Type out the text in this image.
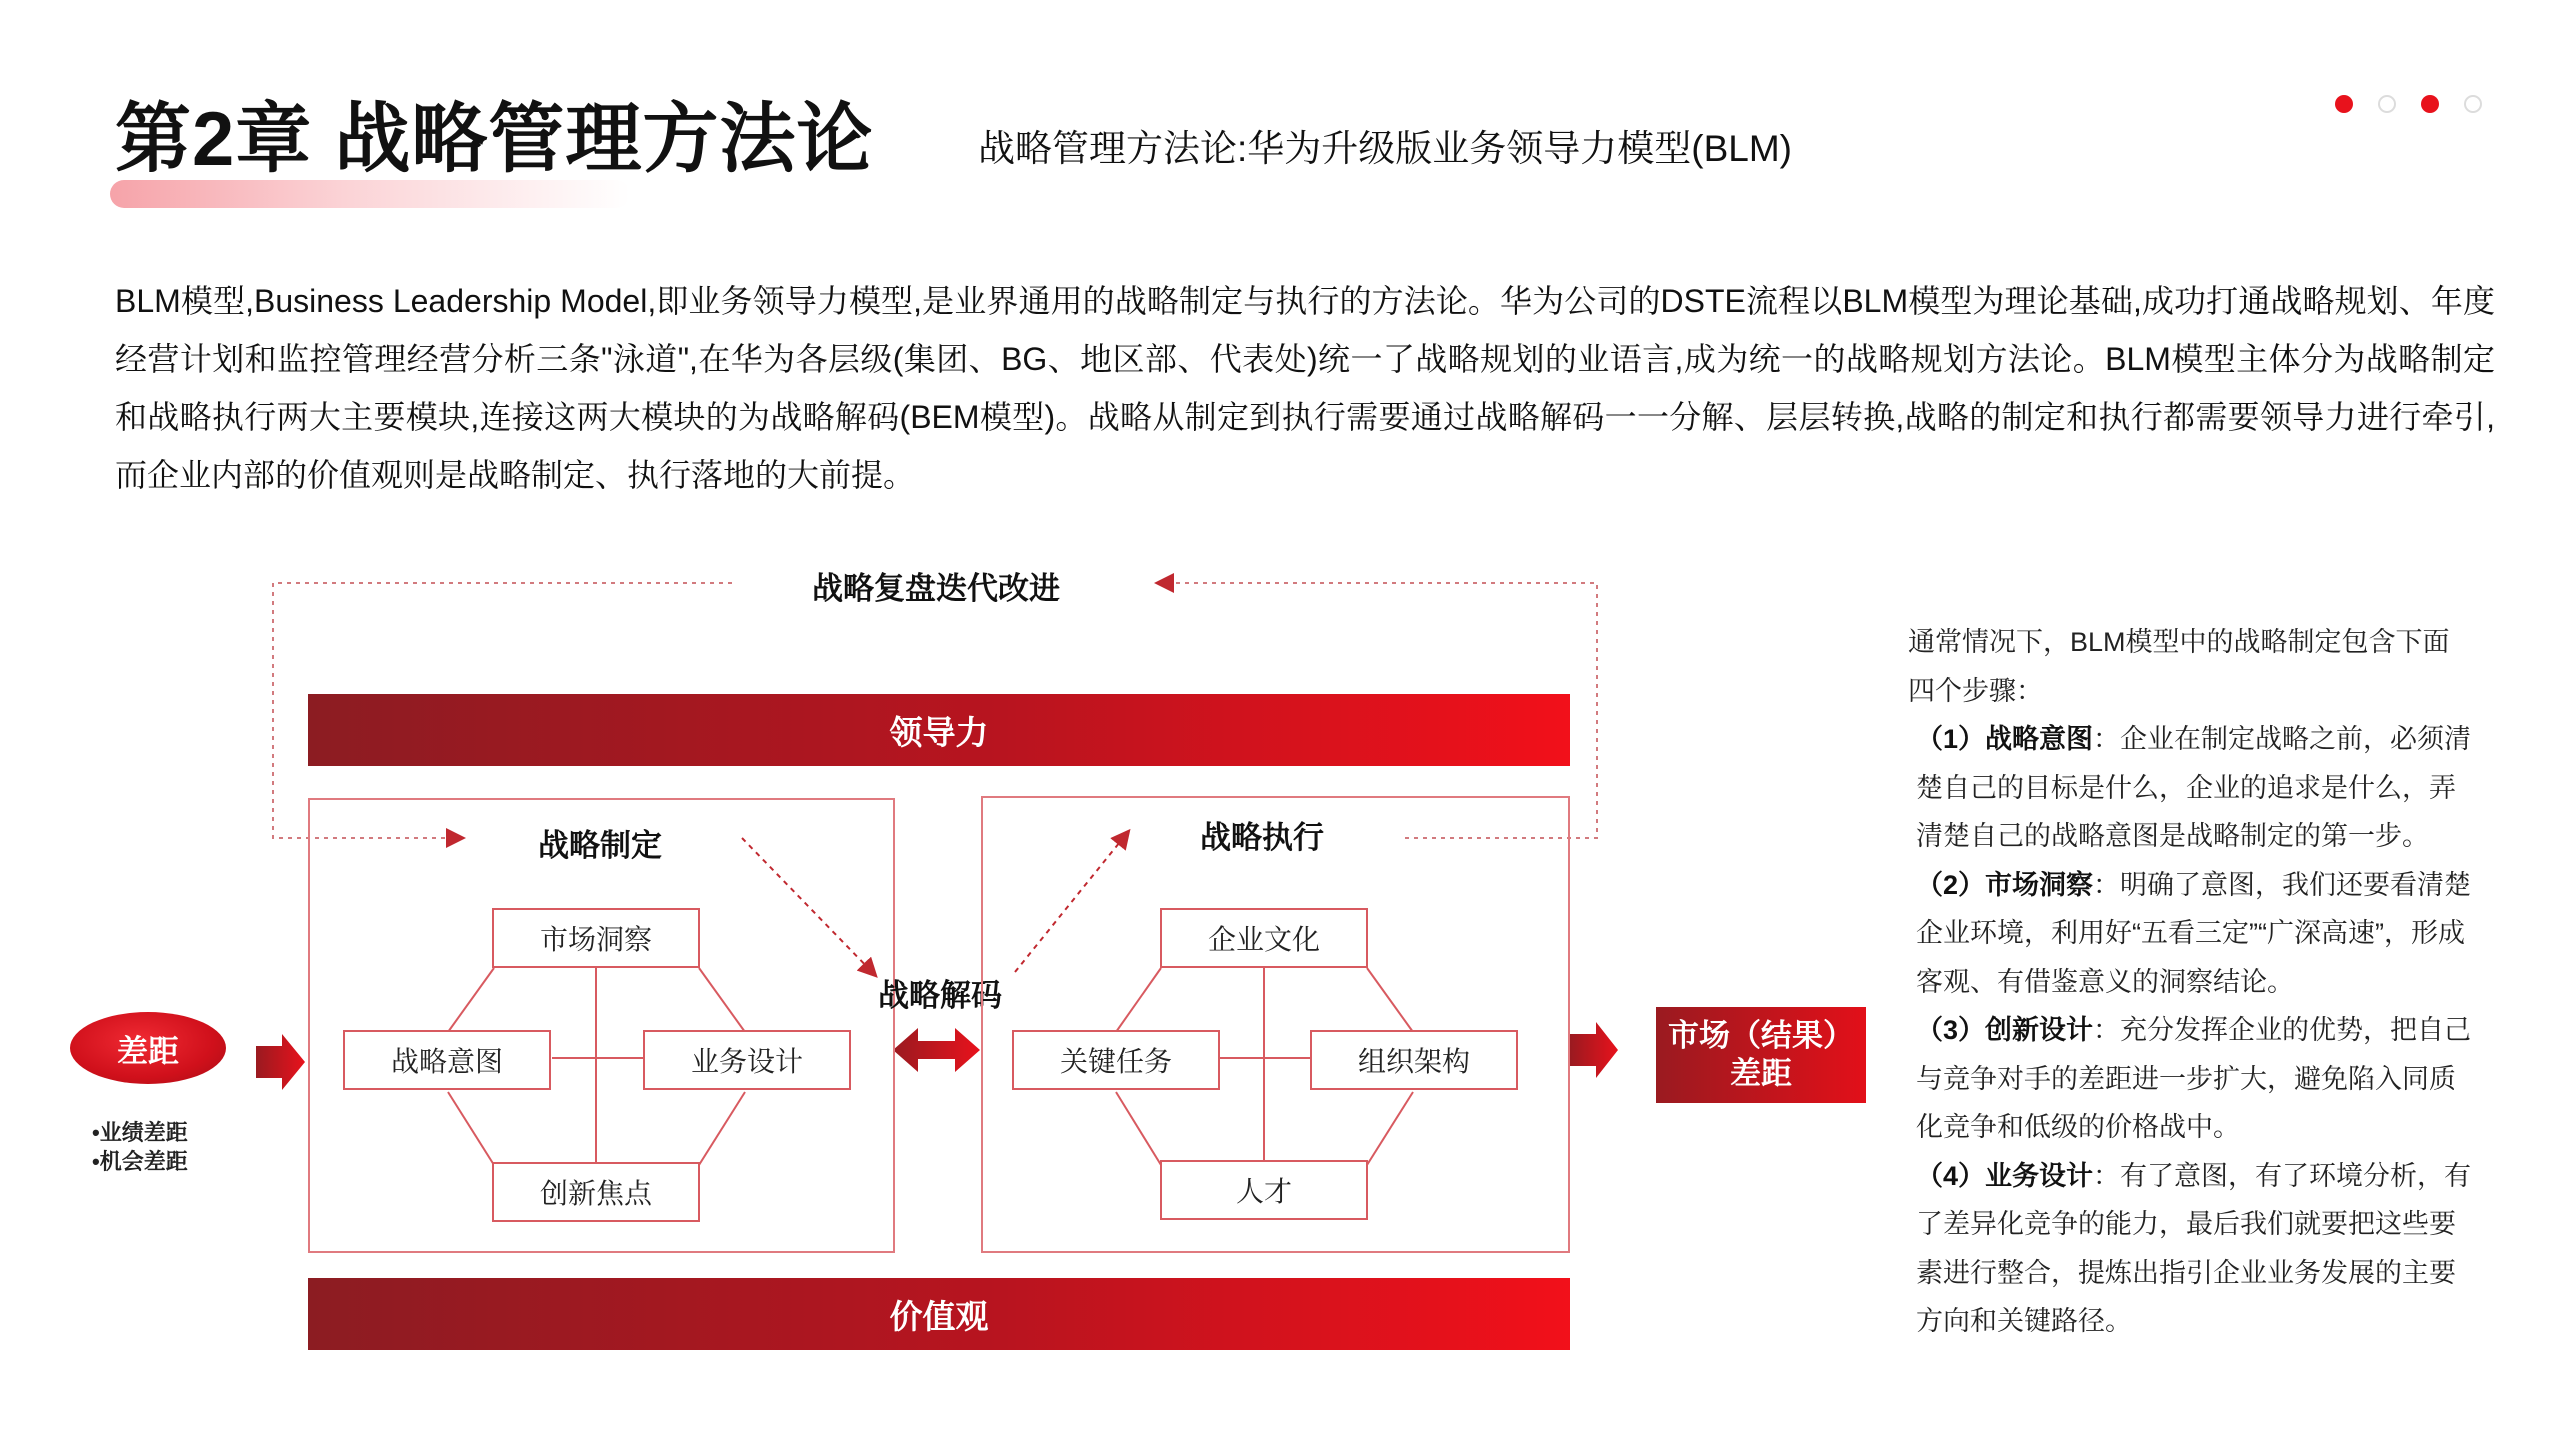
第2章 战略管理方法论	战略管理方法论:华为升级版业务领导力模型(BLM)
BLM模型,Business Leadership Model,即业务领导力模型,是业界通用的战略制定与执行的方法论。华为公司的DSTE流程以BLM模型为理论基础,成功打通战略规划、年度经营计划和监控管理经营分析三条"泳道",在华为各层级(集团、BG、地区部、代表处)统一了战略规划的业语言,成为统一的战略规划方法论。BLM模型主体分为战略制定和战略执行两大主要模块,连接这两大模块的为战略解码(BEM模型)。战略从制定到执行需要通过战略解码一一分解、层层转换,战略的制定和执行都需要领导力进行牵引,而企业内部的价值观则是战略制定、执行落地的大前提。
战略复盘迭代改进
领导力
战略制定
市场洞察
战略意图	业务设计
创新焦点
战略解码
战略执行
企业文化
关键任务	组织架构
人才
价值观
差距
•业绩差距
•机会差距
市场（结果）
差距

通常情况下，BLM模型中的战略制定包含下面四个步骤：

（1）战略意图：企业在制定战略之前，必须清楚自己的目标是什么，企业的追求是什么，弄清楚自己的战略意图是战略制定的第一步。

（2）市场洞察：明确了意图，我们还要看清楚企业环境，利用好“五看三定”“广深高速”，形成客观、有借鉴意义的洞察结论。

（3）创新设计：充分发挥企业的优势，把自己与竞争对手的差距进一步扩大，避免陷入同质化竞争和低级的价格战中。

（4）业务设计：有了意图，有了环境分析，有了差异化竞争的能力，最后我们就要把这些要素进行整合，提炼出指引企业业务发展的主要方向和关键路径。
